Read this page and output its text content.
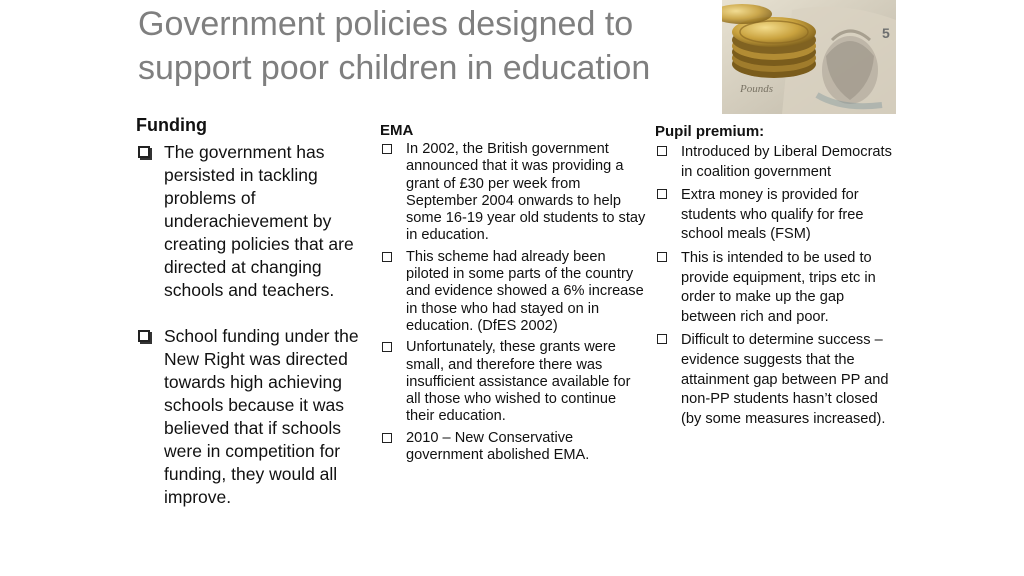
Government policies designed to support poor children in education
5
Pounds

Funding

The government has persisted in tackling problems of underachievement by creating policies that are directed at changing schools and teachers.
School funding under the New Right was directed towards high achieving schools because it was believed that if schools were in competition for funding, they would all improve.

EMA

In 2002, the British government announced that it was providing a grant of £30 per week from September 2004 onwards to help some 16-19 year old students to stay in education.
This scheme had already been piloted in some parts of the country and evidence showed a 6% increase in those who had stayed on in education. (DfES 2002)
Unfortunately, these grants were small, and therefore there was insufficient assistance available for all those who wished to continue their education.
2010 – New Conservative government abolished EMA.

Pupil premium:

Introduced by Liberal Democrats in coalition government
Extra money is provided for students who qualify for free school meals (FSM)
This is intended to be used to provide equipment, trips etc in order to make up the gap between rich and poor.
Difficult to determine success – evidence suggests that the attainment gap between PP and non-PP students hasn’t closed (by some measures increased).
